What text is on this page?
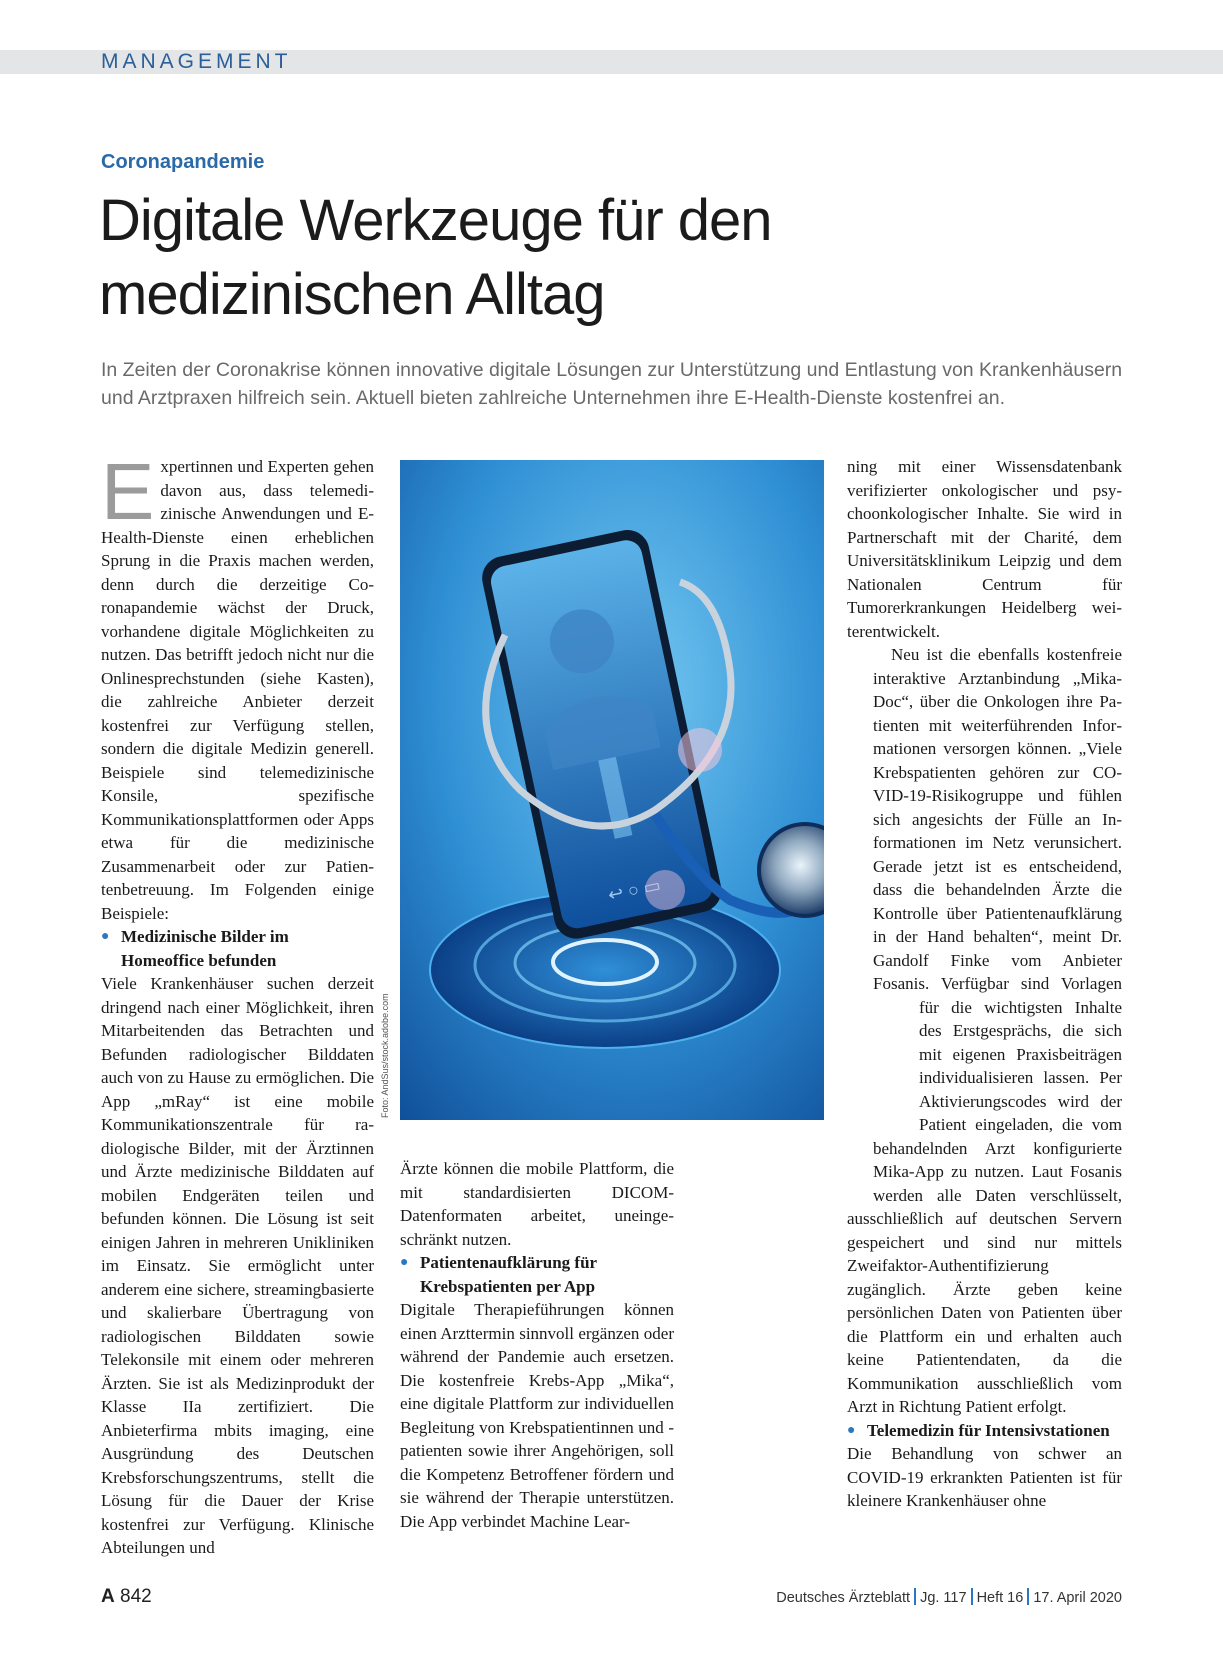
MANAGEMENT
Coronapandemie
Digitale Werkzeuge für den medizinischen Alltag
In Zeiten der Coronakrise können innovative digitale Lösungen zur Unterstützung und Entlastung von Krankenhäusern und Arztpraxen hilfreich sein. Aktuell bieten zahlreiche Unternehmen ihre E-Health-Dienste kostenfrei an.
E xpertinnen und Experten gehen davon aus, dass telemedizinische Anwendungen und E-Health-Dienste einen erheblichen Sprung in die Praxis machen werden, denn durch die derzeitige Coronapandemie wächst der Druck, vorhandene digitale Möglichkeiten zu nutzen. Das betrifft jedoch nicht nur die Onlinesprechstunden (siehe Kasten), die zahlreiche Anbieter derzeit kostenfrei zur Verfügung stellen, sondern die digitale Medizin generell. Beispiele sind telemedizinische Konsile, spezifische Kommunikationsplattformen oder Apps etwa für die medizinische Zusammenarbeit oder zur Patientenbetreuung. Im Folgenden einige Beispiele:

● Medizinische Bilder im Homeoffice befunden

Viele Krankenhäuser suchen derzeit dringend nach einer Möglichkeit, ihren Mitarbeitenden das Betrachten und Befunden radiologischer Bilddaten auch von zu Hause zu ermöglichen. Die App „mRay“ ist eine mobile Kommunikationszentrale für radiologische Bilder, mit der Ärztinnen und Ärzte medizinische Bilddaten auf mobilen Endgeräten teilen und befunden können. Die Lösung ist seit einigen Jahren in mehreren Unikliniken im Einsatz. Sie ermöglicht unter anderem eine sichere, streamingbasierte und skalierbare Übertragung von radiologischen Bilddaten sowie Telekonsile mit einem oder mehreren Ärzten. Sie ist als Medizinprodukt der Klasse IIa zertifiziert. Die Anbieterfirma mbits imaging, eine Ausgründung des Deutschen Krebsforschungszentrums, stellt die Lösung für die Dauer der Krise kostenfrei zur Verfügung. Klinische Abteilungen und

↩ ○ ▭
Foto: AndSus/stock.adobe.com

Ärzte können die mobile Plattform, die mit standardisierten DICOM-Datenformaten arbeitet, uneingeschränkt nutzen.

● Patientenaufklärung für Krebspatienten per App

Digitale Therapieführungen können einen Arzttermin sinnvoll ergänzen oder während der Pandemie auch ersetzen. Die kostenfreie Krebs-App „Mika“, eine digitale Plattform zur individuellen Begleitung von Krebspatientinnen und -patienten sowie ihrer Angehörigen, soll die Kompetenz Betroffener fördern und sie während der Therapie unterstützen. Die App verbindet Machine Lear-

ning mit einer Wissensdatenbank verifizierter onkologischer und psychoonkologischer Inhalte. Sie wird in Partnerschaft mit der Charité, dem Universitätsklinikum Leipzig und dem Nationalen Centrum für Tumorerkrankungen Heidelberg weiterentwickelt.

Neu ist die ebenfalls kostenfreie interaktive Arztanbindung „Mika-Doc“, über die Onkologen ihre Patienten mit weiterführenden Informationen versorgen können. „Viele Krebspatienten gehören zur COVID-19-Risikogruppe und fühlen sich angesichts der Fülle an Informationen im Netz verunsichert. Gerade jetzt ist es entscheidend, dass die behandelnden Ärzte die Kontrolle über Patientenaufklärung in der Hand behalten“, meint Dr. Gandolf Finke vom Anbieter Fosanis. Verfügbar sind Vorlagen für die wichtigsten Inhalte des Erstgesprächs, die sich mit eigenen Praxisbeiträgen individualisieren lassen. Per Aktivierungscodes wird der Patient eingeladen, die vom behandelnden Arzt konfigurierte Mika-App zu nutzen. Laut Fosanis werden alle Daten verschlüsselt, ausschließlich auf deutschen Servern gespeichert und sind nur mittels Zweifaktor-Authentifizierung zugänglich. Ärzte geben keine persönlichen Daten von Patienten über die Plattform ein und erhalten auch keine Patientendaten, da die Kommunikation ausschließlich vom Arzt in Richtung Patient erfolgt.

● Telemedizin für Intensivstationen

Die Behandlung von schwer an COVID-19 erkrankten Patienten ist für kleinere Krankenhäuser ohne

A 842	Deutsches Ärzteblatt Jg. 117 Heft 16 17. April 2020
